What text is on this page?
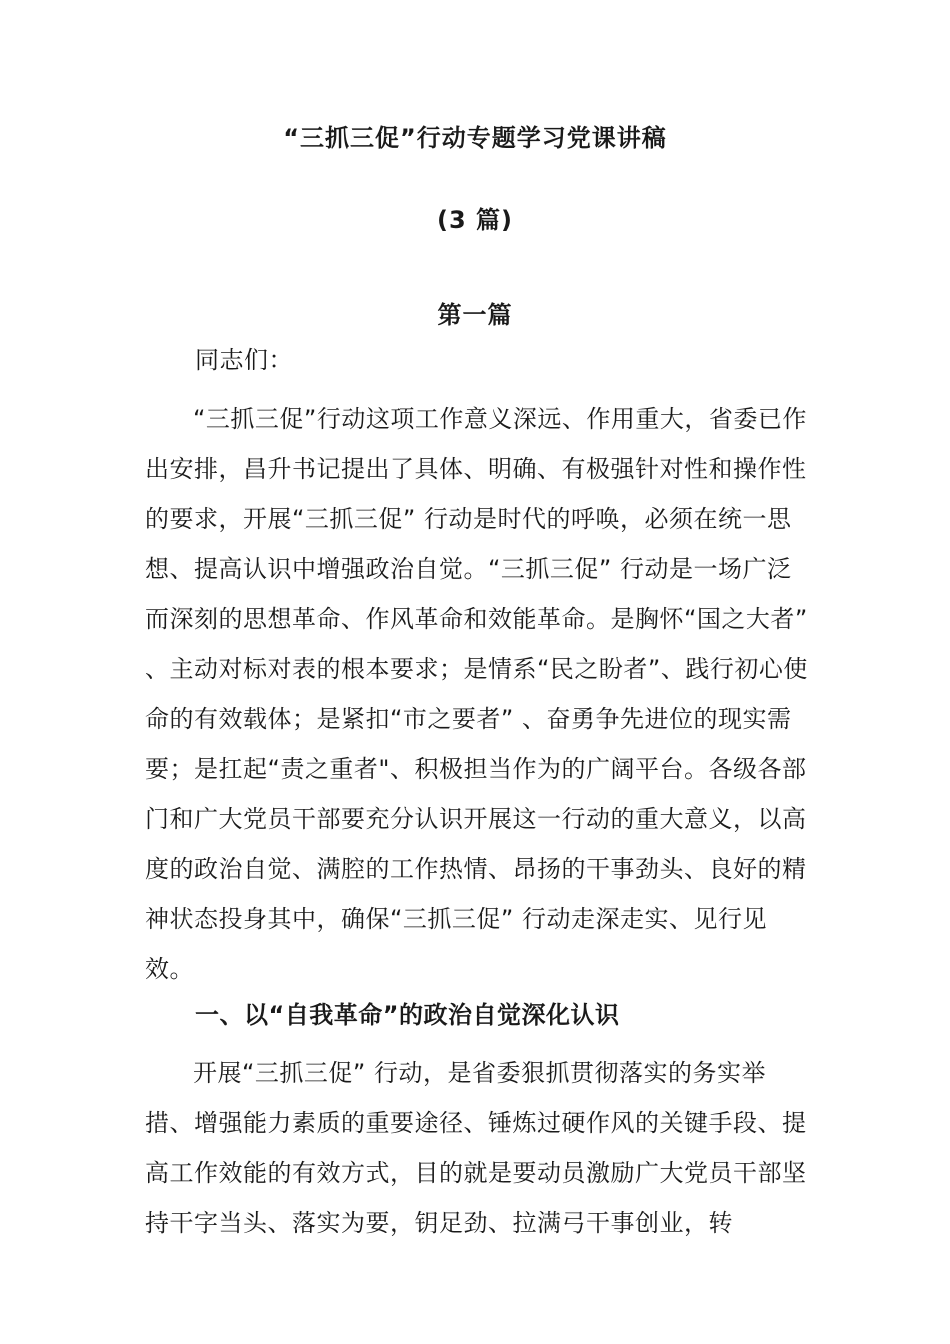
“三抓三促”行动专题学习党课讲稿
(3 篇)
第一篇
同志们：
“三抓三促”行动这项工作意义深远、作用重大，省委已作出安排，昌升书记提出了具体、明确、有极强针对性和操作性的要求，开展“三抓三促” 行动是时代的呼唤，必须在统一思想、提高认识中增强政治自觉。“三抓三促” 行动是一场广泛而深刻的思想革命、作风革命和效能革命。是胸怀“国之大者” 、主动对标对表的根本要求；是情系“民之盼者”、践行初心使命的有效载体；是紧扣“市之要者” 、奋勇争先进位的现实需要；是扛起“责之重者"、积极担当作为的广阔平台。各级各部门和广大党员干部要充分认识开展这一行动的重大意义，以高度的政治自觉、满腔的工作热情、昂扬的干事劲头、良好的精神状态投身其中，确保“三抓三促” 行动走深走实、见行见效。
一、以“自我革命”的政治自觉深化认识
开展“三抓三促” 行动，是省委狠抓贯彻落实的务实举措、增强能力素质的重要途径、锤炼过硬作风的关键手段、提高工作效能的有效方式，目的就是要动员激励广大党员干部坚持干字当头、落实为要，钥足劲、拉满弓干事创业，转
